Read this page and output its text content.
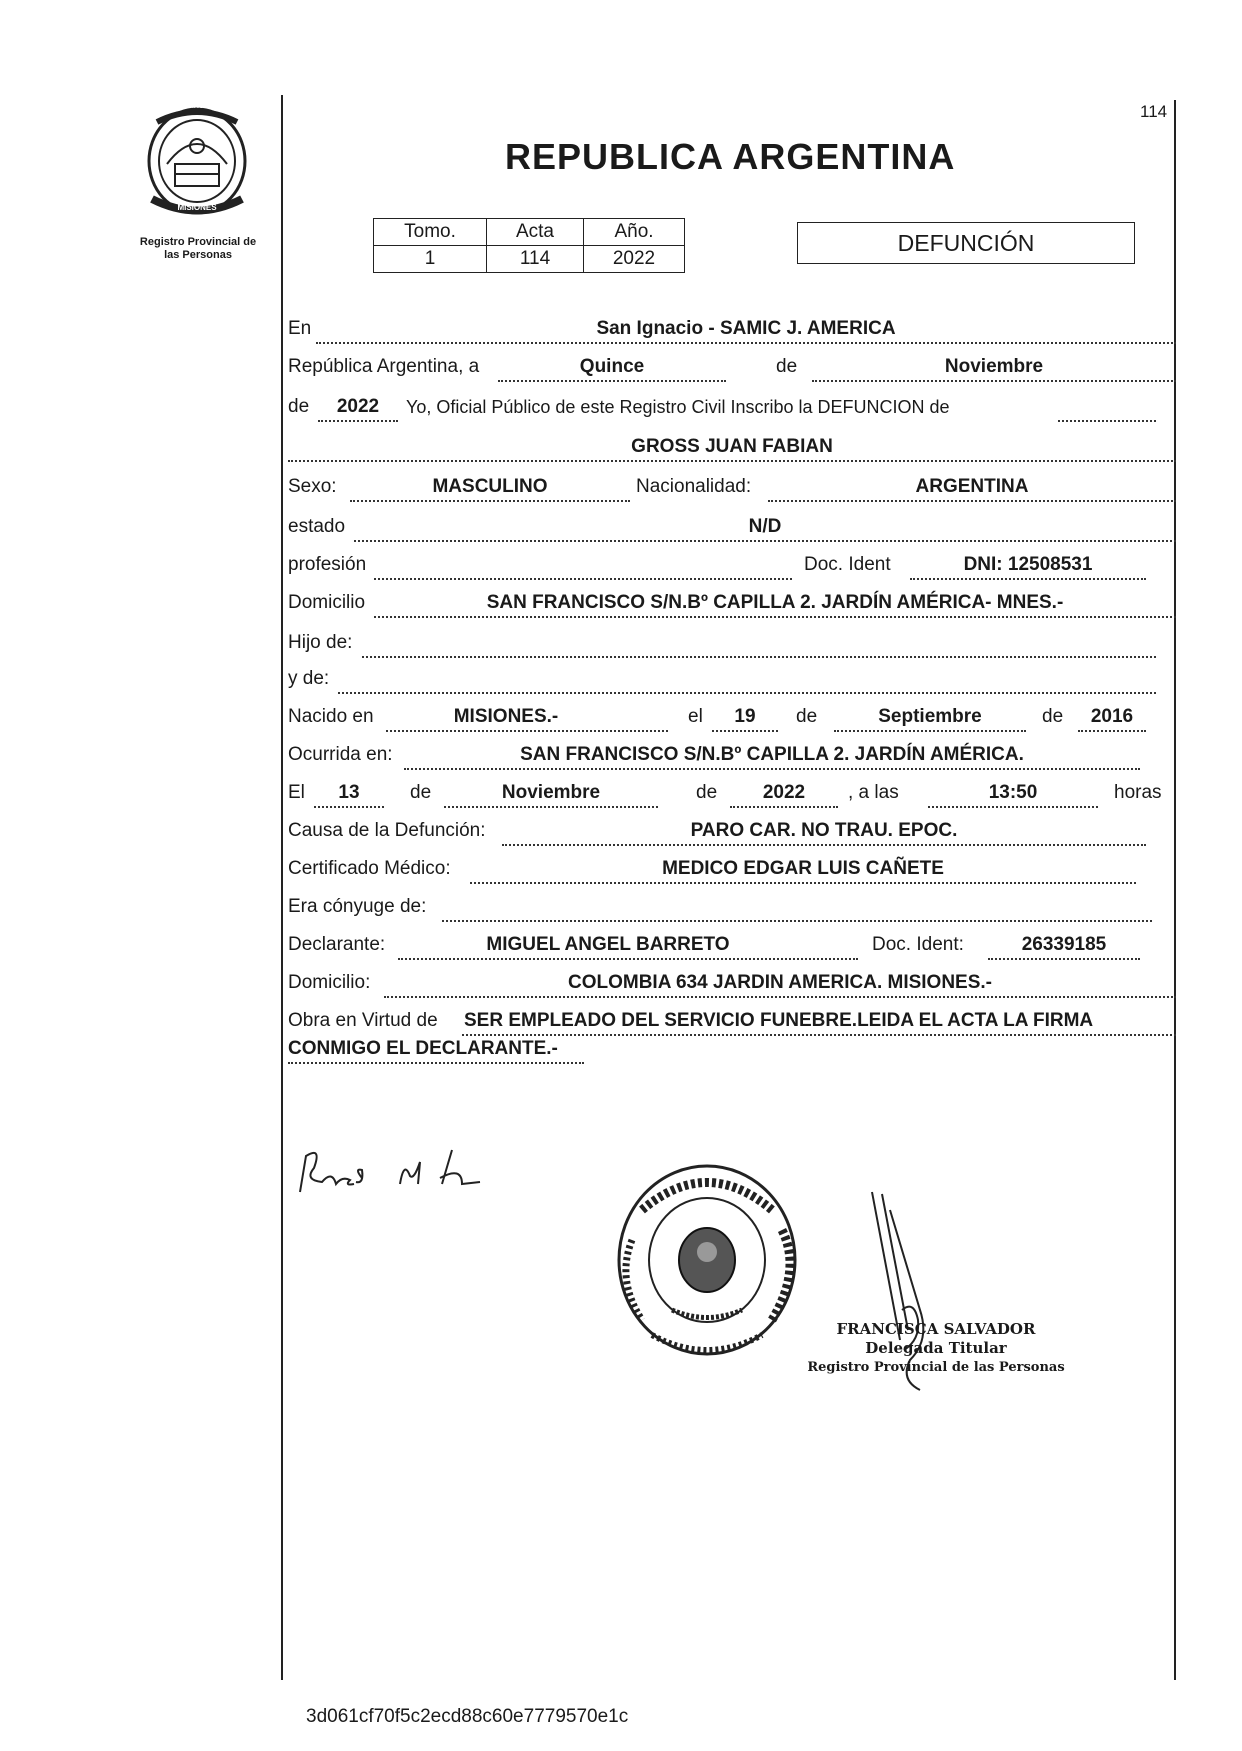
114
PROVINCIA DE
MISIONES
Registro Provincial de
las Personas
REPUBLICA ARGENTINA
Tomo.	Acta	Año.
1	114	2022
DEFUNCIÓN
En	San Ignacio - SAMIC J. AMERICA
República Argentina, a	Quince	de	Noviembre
de	2022	Yo, Oficial Público de este Registro Civil Inscribo la DEFUNCION de
GROSS JUAN FABIAN
Sexo:	MASCULINO	Nacionalidad:	ARGENTINA
estado	N/D
profesión	Doc. Ident	DNI: 12508531
Domicilio	SAN FRANCISCO S/N.Bº CAPILLA 2. JARDÍN AMÉRICA- MNES.-
Hijo de:
y de:
Nacido en	MISIONES.-	el	19	de	Septiembre	de	2016
Ocurrida en:	SAN FRANCISCO S/N.Bº CAPILLA 2. JARDÍN AMÉRICA.
El	13	de	Noviembre	de	2022	, a las	13:50	horas
Causa de la Defunción:	PARO CAR. NO TRAU. EPOC.
Certificado Médico:	MEDICO EDGAR LUIS CAÑETE
Era cónyuge de:
Declarante:	MIGUEL ANGEL BARRETO	Doc. Ident:	26339185
Domicilio:	COLOMBIA 634 JARDIN AMERICA. MISIONES.-
Obra en Virtud de SER EMPLEADO DEL SERVICIO FUNEBRE.LEIDA EL ACTA LA FIRMA
CONMIGO EL DECLARANTE.-
DELEGACION REGISTRO PROVINCIAL DE LAS PERSONAS
Hospital Jardín América
FRANCISCA SALVADOR
Delegada Titular
Registro Provincial de las Personas
3d061cf70f5c2ecd88c60e7779570e1c
